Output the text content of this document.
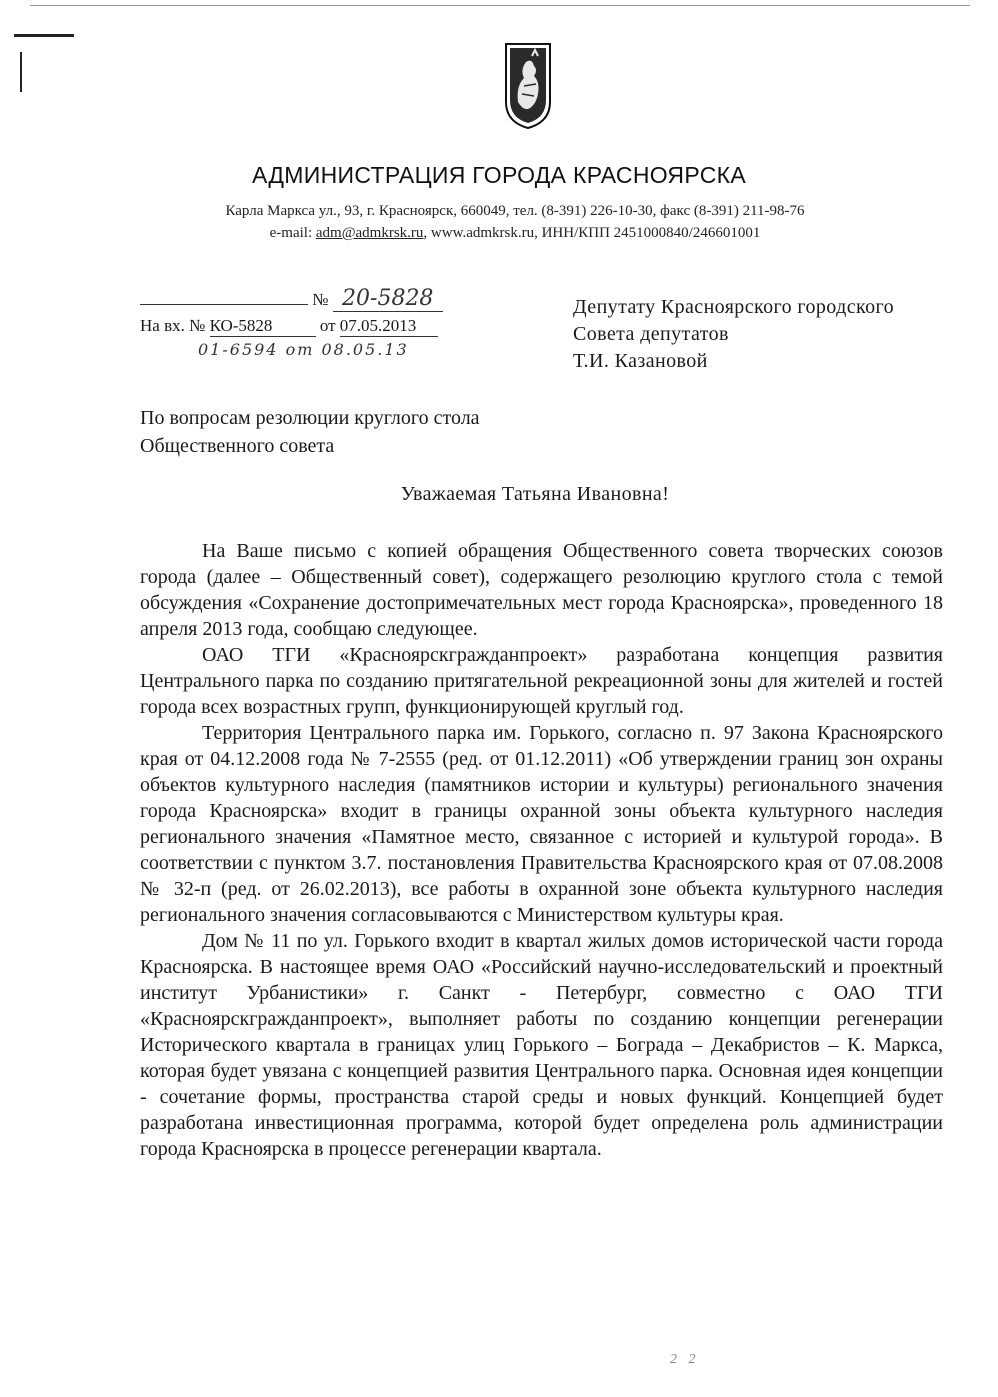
АДМИНИСТРАЦИЯ ГОРОДА КРАСНОЯРСКА
Карла Маркса ул., 93, г. Красноярск, 660049, тел. (8-391) 226-10-30, факс (8-391) 211-98-76
e-mail: adm@admkrsk.ru, www.admkrsk.ru, ИНН/КПП 2451000840/246601001
№ 20-5828
На вх. № КО-5828	от 07.05.2013
01-6594 от 08.05.13
Депутату Красноярского городского
Совета депутатов
Т.И. Казановой
По вопросам резолюции круглого стола
Общественного совета
Уважаемая Татьяна Ивановна!

На Ваше письмо с копией обращения Общественного совета творческих союзов города (далее – Общественный совет), содержащего резолюцию круглого стола с темой обсуждения «Сохранение достопримечательных мест города Красноярска», проведенного 18 апреля 2013 года, сообщаю следующее.

ОАО ТГИ «Красноярскгражданпроект» разработана концепция развития Центрального парка по созданию притягательной рекреационной зоны для жителей и гостей города всех возрастных групп, функционирующей круглый год.

Территория Центрального парка им. Горького, согласно п. 97 Закона Красноярского края от 04.12.2008 года № 7-2555 (ред. от 01.12.2011) «Об утверждении границ зон охраны объектов культурного наследия (памятников истории и культуры) регионального значения города Красноярска» входит в границы охранной зоны объекта культурного наследия регионального значения «Памятное место, связанное с историей и культурой города». В соответствии с пунктом 3.7. постановления Правительства Красноярского края от 07.08.2008 № 32-п (ред. от 26.02.2013), все работы в охранной зоне объекта культурного наследия регионального значения согласовываются с Министерством культуры края.

Дом № 11 по ул. Горького входит в квартал жилых домов исторической части города Красноярска. В настоящее время ОАО «Российский научно-исследовательский и проектный институт Урбанистики» г. Санкт - Петербург, совместно с ОАО ТГИ «Красноярскгражданпроект», выполняет работы по созданию концепции регенерации Исторического квартала в границах улиц Горького – Бограда – Декабристов – К. Маркса, которая будет увязана с концепцией развития Центрального парка. Основная идея концепции - сочетание формы, пространства старой среды и новых функций. Концепцией будет разработана инвестиционная программа, которой будет определена роль администрации города Красноярска в процессе регенерации квартала.

2 2
